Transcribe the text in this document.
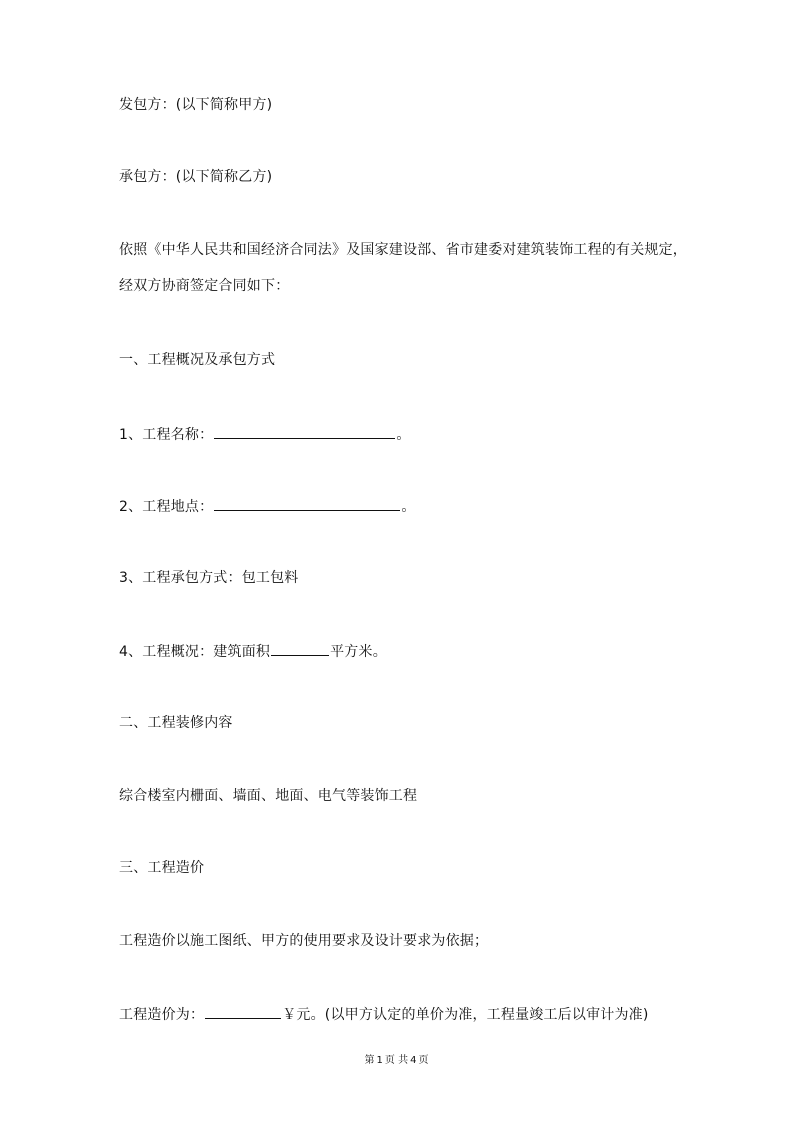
发包方：(以下简称甲方)
承包方：(以下简称乙方)
依照《中华人民共和国经济合同法》及国家建设部、省市建委对建筑装饰工程的有关规定，
经双方协商签定合同如下：
一、工程概况及承包方式
1、工程名称：	。
2、工程地点：	。
3、工程承包方式：包工包料
4、工程概况：建筑面积	平方米。
二、工程装修内容
综合楼室内栅面、墙面、地面、电气等装饰工程
三、工程造价
工程造价以施工图纸、甲方的使用要求及设计要求为依据；
工程造价为：	￥元。(以甲方认定的单价为准，工程量竣工后以审计为准)
第 1 页 共 4 页
